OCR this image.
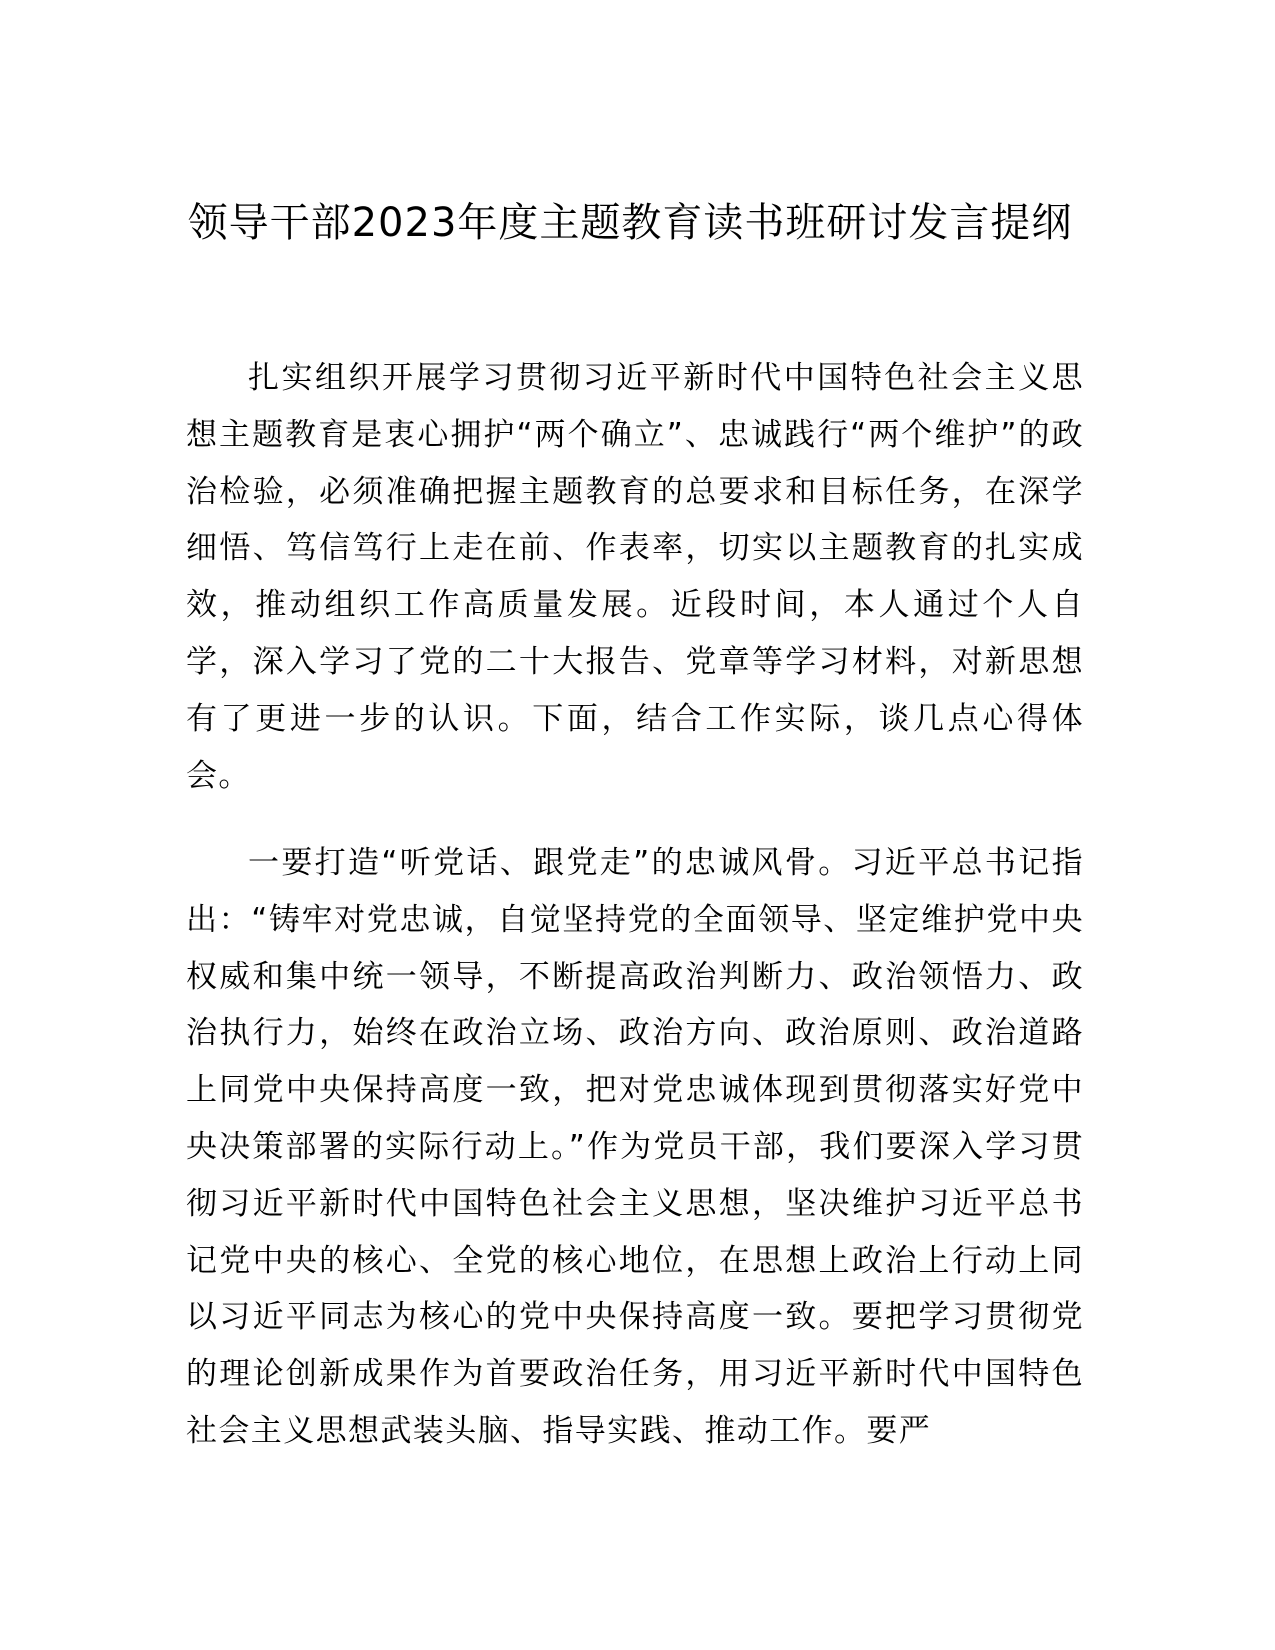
领导干部2023年度主题教育读书班研讨发言提纲

扎实组织开展学习贯彻习近平新时代中国特色社会主义思想主题教育是衷心拥护“两个确立”、忠诚践行“两个维护”的政治检验，必须准确把握主题教育的总要求和目标任务，在深学细悟、笃信笃行上走在前、作表率，切实以主题教育的扎实成效，推动组织工作高质量发展。近段时间，本人通过个人自学，深入学习了党的二十大报告、党章等学习材料，对新思想有了更进一步的认识。下面，结合工作实际，谈几点心得体会。

一要打造“听党话、跟党走”的忠诚风骨。习近平总书记指出：“铸牢对党忠诚，自觉坚持党的全面领导、坚定维护党中央权威和集中统一领导，不断提高政治判断力、政治领悟力、政治执行力，始终在政治立场、政治方向、政治原则、政治道路上同党中央保持高度一致，把对党忠诚体现到贯彻落实好党中央决策部署的实际行动上。”作为党员干部，我们要深入学习贯彻习近平新时代中国特色社会主义思想，坚决维护习近平总书记党中央的核心、全党的核心地位，在思想上政治上行动上同以习近平同志为核心的党中央保持高度一致。要把学习贯彻党的理论创新成果作为首要政治任务，用习近平新时代中国特色社会主义思想武装头脑、指导实践、推动工作。要严
